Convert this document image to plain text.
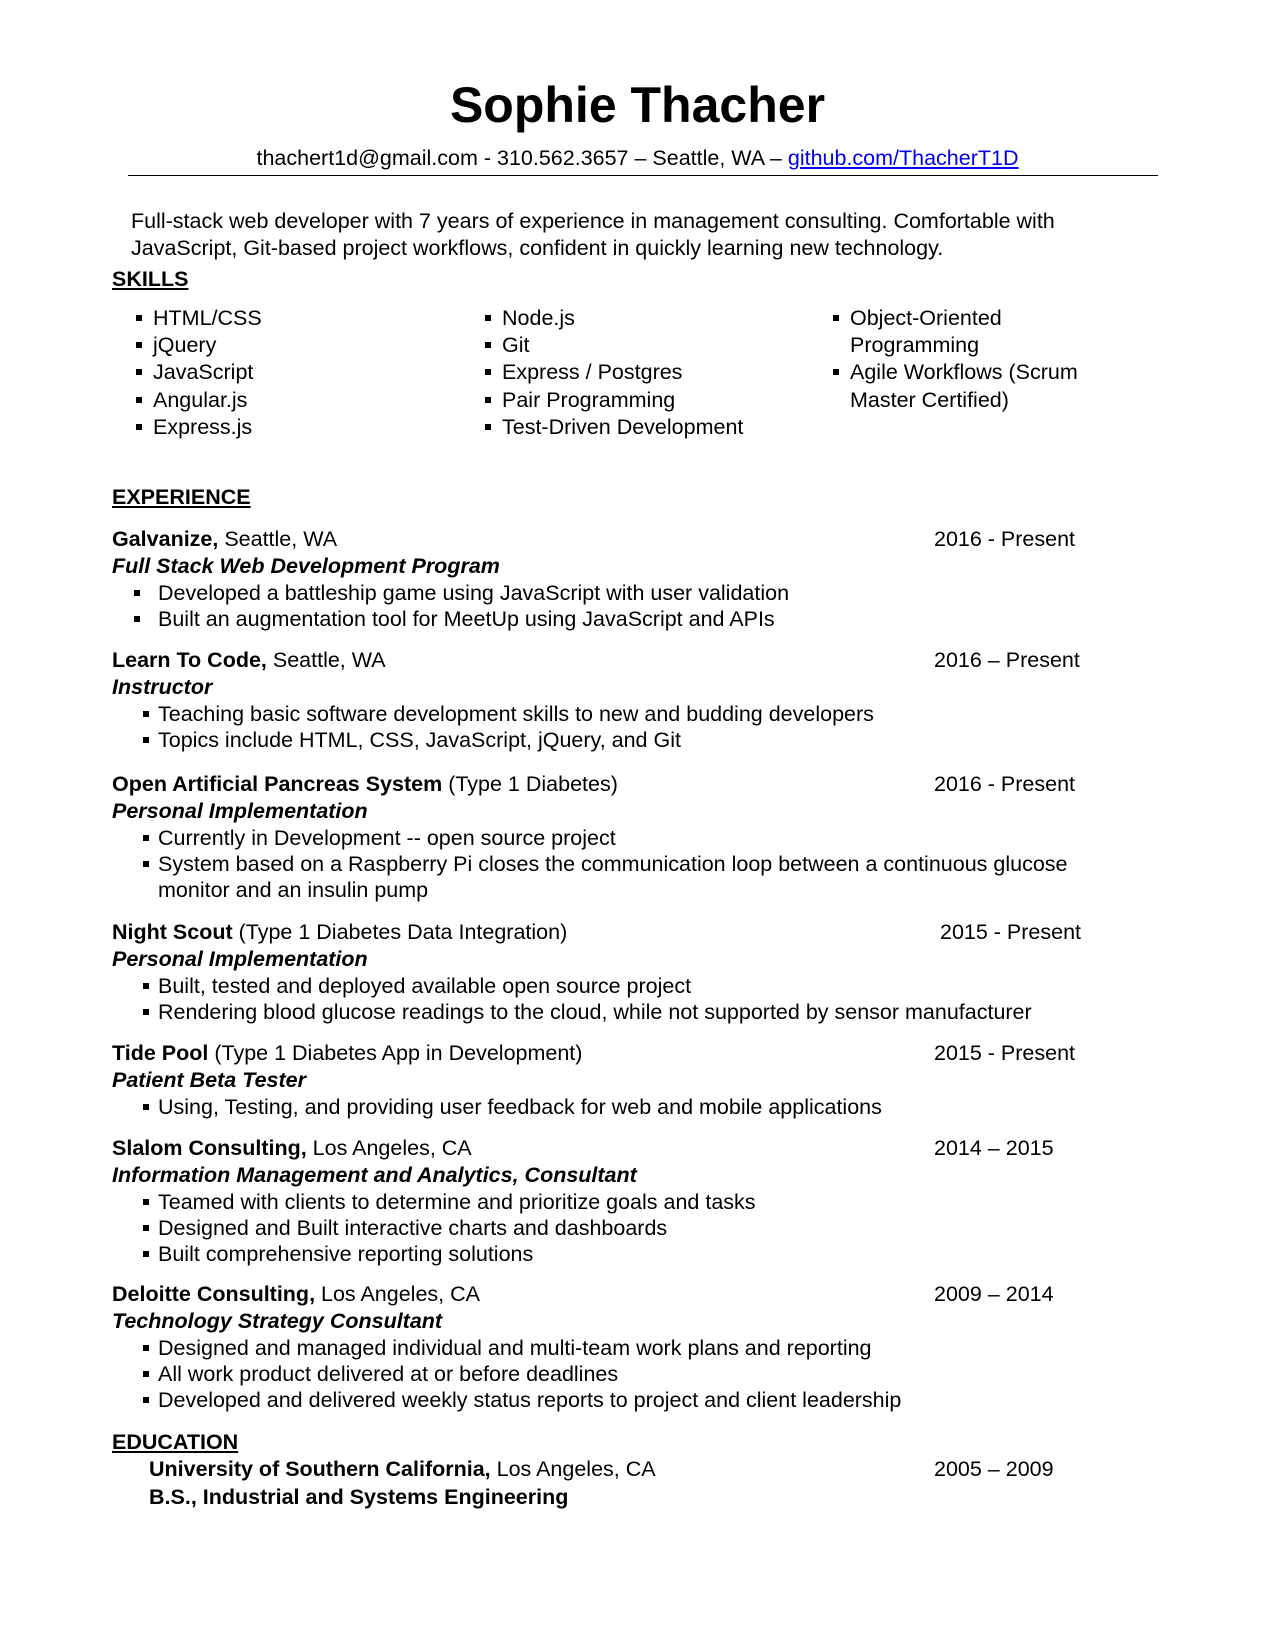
Sophie Thacher
thachert1d@gmail.com - 310.562.3657 – Seattle, WA – github.com/ThacherT1D
Full-stack web developer with 7 years of experience in management consulting. Comfortable with JavaScript, Git-based project workflows, confident in quickly learning new technology.
SKILLS
HTML/CSS
jQuery
JavaScript
Angular.js
Express.js
Node.js
Git
Express / Postgres
Pair Programming
Test-Driven Development
Object-Oriented Programming
Agile Workflows (Scrum Master Certified)
EXPERIENCE
Galvanize, Seattle, WA	2016 - Present
Full Stack Web Development Program
Developed a battleship game using JavaScript with user validation
Built an augmentation tool for MeetUp using JavaScript and APIs
Learn To Code, Seattle, WA	2016 – Present
Instructor
Teaching basic software development skills to new and budding developers
Topics include HTML, CSS, JavaScript, jQuery, and Git
Open Artificial Pancreas System (Type 1 Diabetes)	2016 - Present
Personal Implementation
Currently in Development -- open source project
System based on a Raspberry Pi closes the communication loop between a continuous glucose monitor and an insulin pump
Night Scout (Type 1 Diabetes Data Integration)	2015 - Present
Personal Implementation
Built, tested and deployed available open source project
Rendering blood glucose readings to the cloud, while not supported by sensor manufacturer
Tide Pool (Type 1 Diabetes App in Development)	2015 - Present
Patient Beta Tester
Using, Testing, and providing user feedback for web and mobile applications
Slalom Consulting, Los Angeles, CA	2014 – 2015
Information Management and Analytics, Consultant
Teamed with clients to determine and prioritize goals and tasks
Designed and Built interactive charts and dashboards
Built comprehensive reporting solutions
Deloitte Consulting, Los Angeles, CA	2009 – 2014
Technology Strategy Consultant
Designed and managed individual and multi-team work plans and reporting
All work product delivered at or before deadlines
Developed and delivered weekly status reports to project and client leadership
EDUCATION
University of Southern California, Los Angeles, CA	2005 – 2009
B.S., Industrial and Systems Engineering
